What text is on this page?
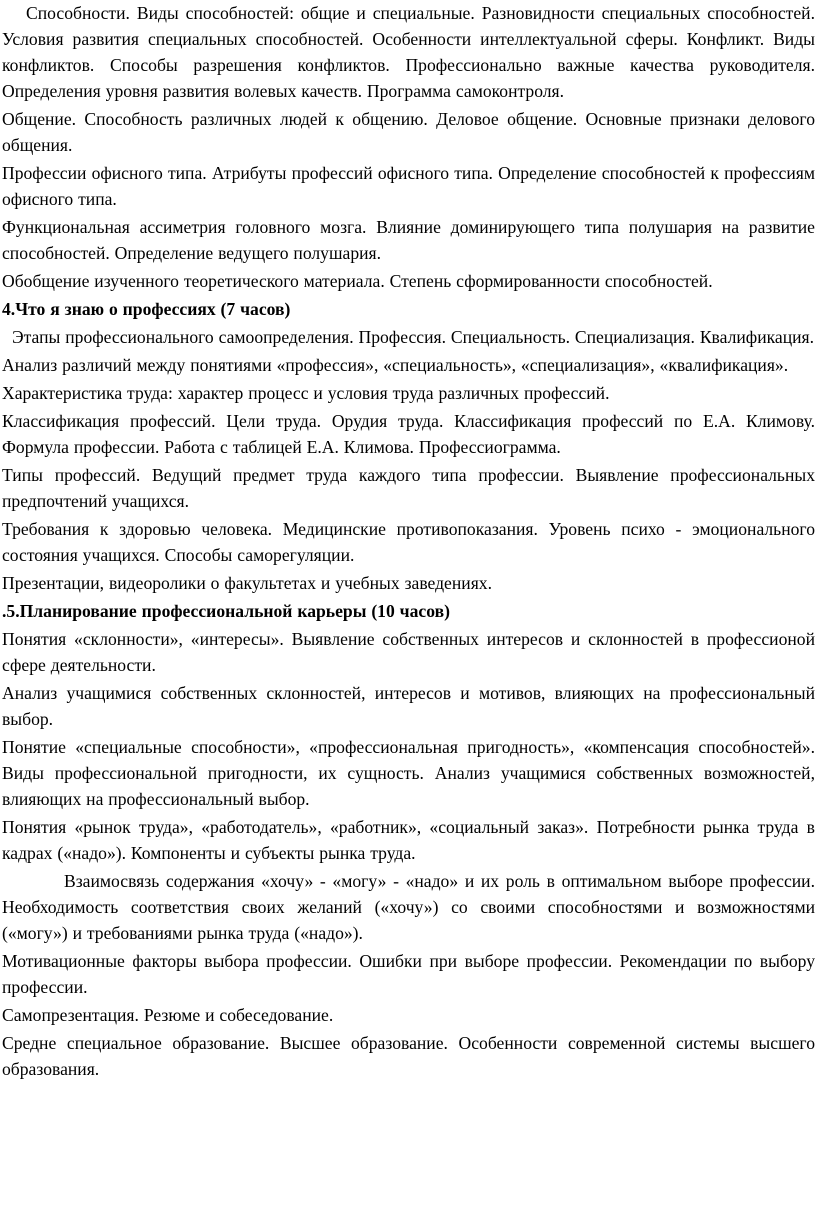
Способности. Виды способностей: общие и специальные. Разновидности специальных способностей. Условия развития специальных способностей. Особенности интеллектуальной сферы. Конфликт. Виды конфликтов. Способы разрешения конфликтов. Профессионально важные качества руководителя. Определения уровня развития волевых качеств. Программа самоконтроля.

Общение. Способность различных людей к общению. Деловое общение. Основные признаки делового общения.

Профессии офисного типа. Атрибуты профессий офисного типа. Определение способностей к профессиям офисного типа.

Функциональная ассиметрия головного мозга. Влияние доминирующего типа полушария на развитие способностей. Определение ведущего полушария.

Обобщение изученного теоретического материала. Степень сформированности способностей.

4.Что я знаю о профессиях (7 часов)

Этапы профессионального самоопределения. Профессия. Специальность. Специализация. Квалификация.

Анализ различий между понятиями «профессия», «специальность», «специализация», «квалификация».

Характеристика труда: характер процесс и условия труда различных профессий.

Классификация профессий. Цели труда. Орудия труда. Классификация профессий по Е.А. Климову. Формула профессии. Работа с таблицей Е.А. Климова. Профессиограмма.

Типы профессий. Ведущий предмет труда каждого типа профессии. Выявление профессиональных предпочтений учащихся.

Требования к здоровью человека. Медицинские противопоказания. Уровень психо - эмоционального состояния учащихся. Способы саморегуляции.

Презентации, видеоролики о факультетах и учебных заведениях.

.5.Планирование профессиональной карьеры (10 часов)

Понятия «склонности», «интересы». Выявление собственных интересов и склонностей в профессионой сфере деятельности.

Анализ учащимися собственных склонностей, интересов и мотивов, влияющих на профессиональный выбор.

Понятие «специальные способности», «профессиональная пригодность», «компенсация способностей». Виды профессиональной пригодности, их сущность. Анализ учащимися собственных возможностей, влияющих на профессиональный выбор.

Понятия «рынок труда», «работодатель», «работник», «социальный заказ». Потребности рынка труда в кадрах («надо»). Компоненты и субъекты рынка труда.

Взаимосвязь содержания «хочу» - «могу» - «надо» и их роль в оптимальном выборе профессии. Необходимость соответствия своих желаний («хочу») со своими способностями и возможностями («могу») и требованиями рынка труда («надо»).

Мотивационные факторы выбора профессии. Ошибки при выборе профессии. Рекомендации по выбору профессии.

Самопрезентация. Резюме и собеседование.

Средне специальное образование. Высшее образование. Особенности современной системы высшего образования.
